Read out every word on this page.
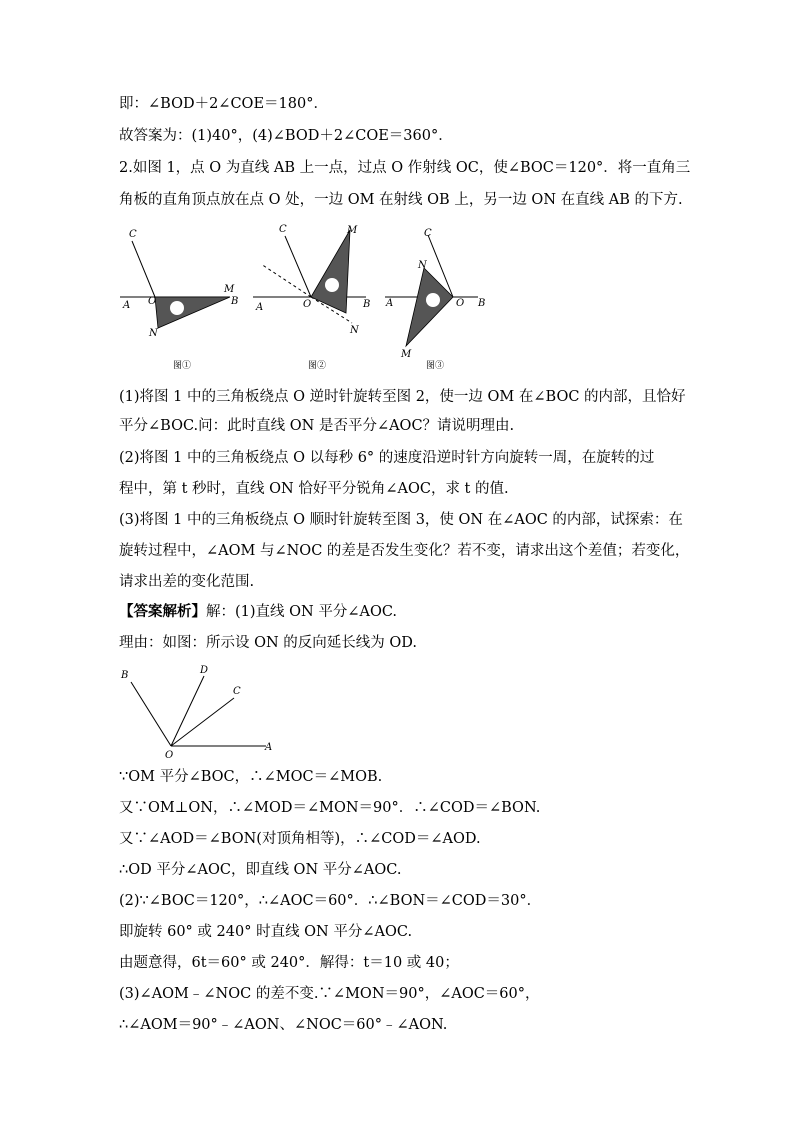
即：∠BOD＋2∠COE＝180°．
故答案为：(1)40°，(4)∠BOD＋2∠COE＝360°．
2.如图 1，点 O 为直线 AB 上一点，过点 O 作射线 OC，使∠BOC＝120°．将一直角三
角板的直角顶点放在点 O 处，一边 OM 在射线 OB 上，另一边 ON 在直线 AB 的下方.
C
A O
M
B
N
图①
C	M
A	O	B
N
图②
C
N
A	O B
M
图③
(1)将图 1 中的三角板绕点 O 逆时针旋转至图 2，使一边 OM 在∠BOC 的内部，且恰好
平分∠BOC.问：此时直线 ON 是否平分∠AOC？请说明理由.
(2)将图 1 中的三角板绕点 O 以每秒 6° 的速度沿逆时针方向旋转一周，在旋转的过
程中，第 t 秒时，直线 ON 恰好平分锐角∠AOC，求 t 的值.
(3)将图 1 中的三角板绕点 O 顺时针旋转至图 3，使 ON 在∠AOC 的内部，试探索：在
旋转过程中，∠AOM 与∠NOC 的差是否发生变化？若不变，请求出这个差值；若变化，
请求出差的变化范围.
【答案解析】解：(1)直线 ON 平分∠AOC.
理由：如图：所示设 ON 的反向延长线为 OD.
B	D
C
O
A
∵OM 平分∠BOC，∴∠MOC＝∠MOB.
又∵OM⊥ON，∴∠MOD＝∠MON＝90°．∴∠COD＝∠BON.
又∵∠AOD＝∠BON(对顶角相等)，∴∠COD＝∠AOD.
∴OD 平分∠AOC，即直线 ON 平分∠AOC.
(2)∵∠BOC＝120°，∴∠AOC＝60°．∴∠BON＝∠COD＝30°．
即旋转 60° 或 240° 时直线 ON 平分∠AOC.
由题意得，6t＝60° 或 240°．解得：t＝10 或 40；
(3)∠AOM﹣∠NOC 的差不变.∵∠MON＝90°，∠AOC＝60°，
∴∠AOM＝90°﹣∠AON、∠NOC＝60°﹣∠AON.
